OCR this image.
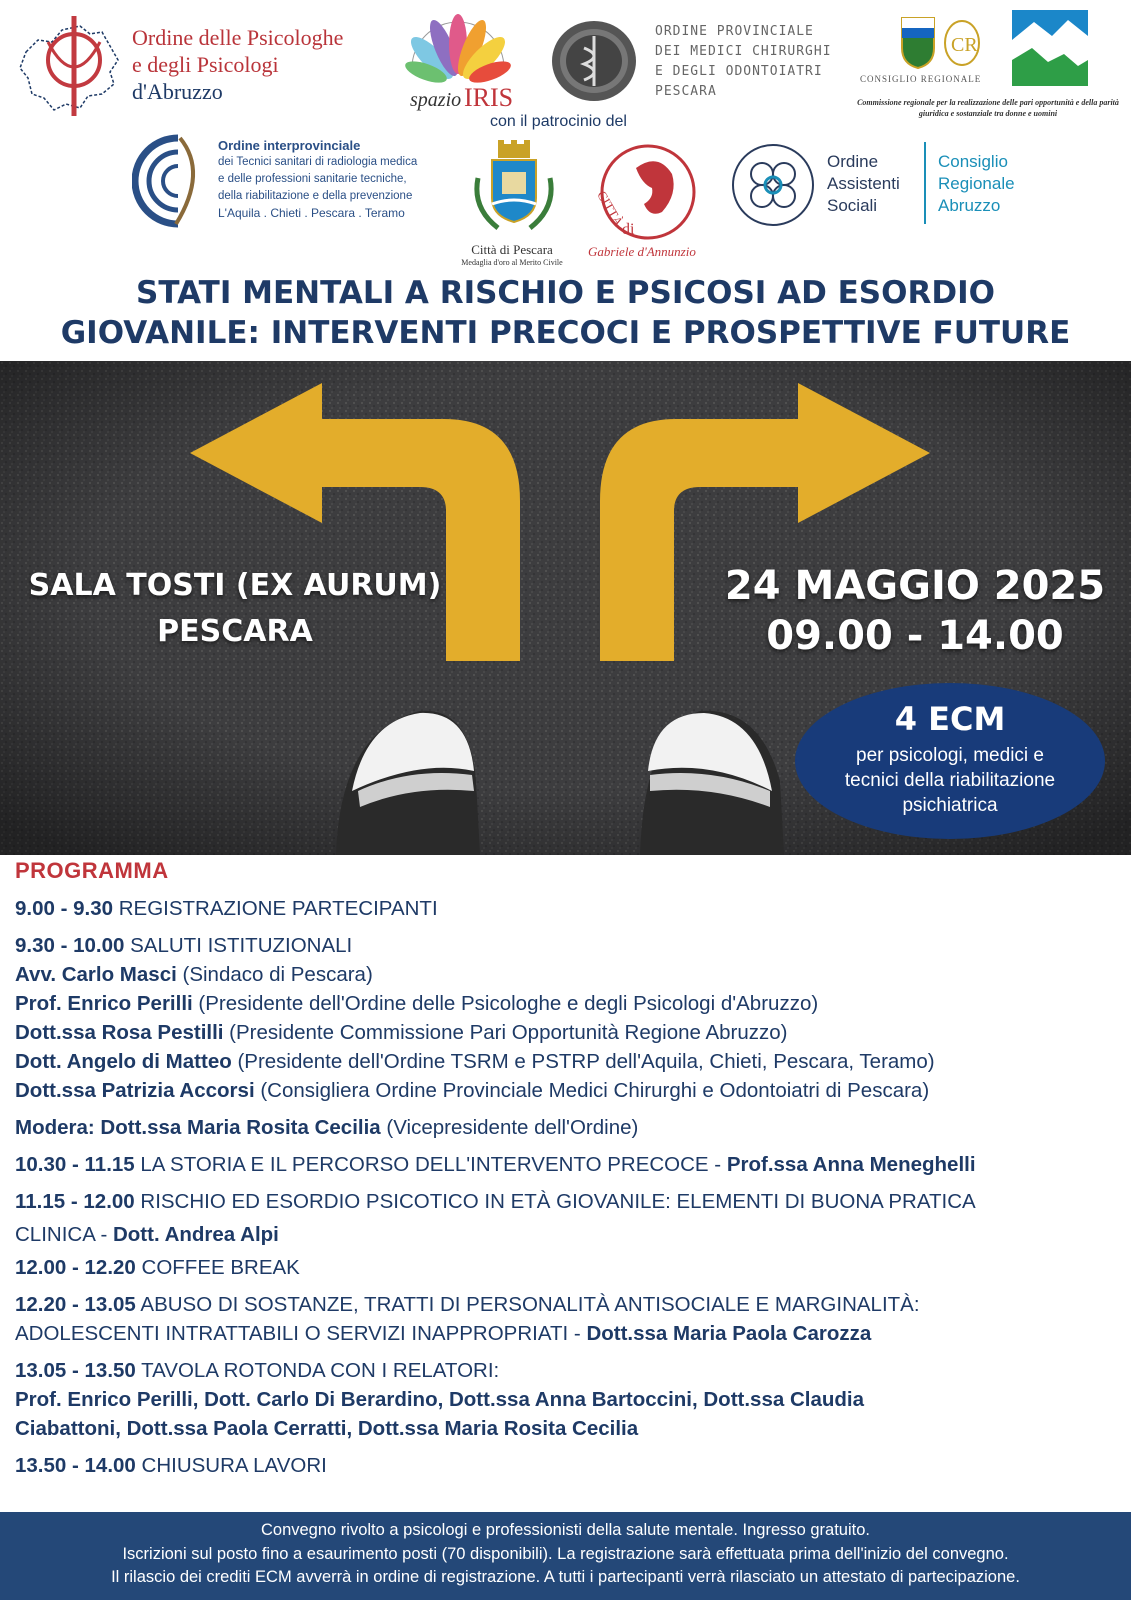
Ordine delle Psicologhe
e degli Psicologi
d'Abruzzo	spazio IRIS
ORDINE PROVINCIALE
DEI MEDICI CHIRURGHI
E DEGLI ODONTOIATRI
PESCARA
CR
CONSIGLIO REGIONALE
Commissione regionale per la realizzazione delle pari opportunità e della parità giuridica e sostanziale tra donne e uomini
con il patrocinio del
Ordine interprovinciale
dei Tecnici sanitari di radiologia medica
e delle professioni sanitarie tecniche,
della riabilitazione e della prevenzione
L'Aquila . Chieti . Pescara . Teramo
Città di Pescara
Medaglia d'oro al Merito Civile
CITTÀ
di
Gabriele d'Annunzio
Ordine
Assistenti
Sociali
Consiglio
Regionale
Abruzzo
STATI MENTALI A RISCHIO E PSICOSI AD ESORDIO
GIOVANILE: INTERVENTI PRECOCI E PROSPETTIVE FUTURE
SALA TOSTI (EX AURUM)
PESCARA
24 MAGGIO 2025
09.00 - 14.00
4 ECM
per psicologi, medici e
tecnici della riabilitazione
psichiatrica
PROGRAMMA
9.00 - 9.30 REGISTRAZIONE PARTECIPANTI
9.30 - 10.00 SALUTI ISTITUZIONALI
Avv. Carlo Masci (Sindaco di Pescara)
Prof. Enrico Perilli (Presidente dell'Ordine delle Psicologhe e degli Psicologi d'Abruzzo)
Dott.ssa Rosa Pestilli (Presidente Commissione Pari Opportunità Regione Abruzzo)
Dott. Angelo di Matteo (Presidente dell'Ordine TSRM e PSTRP dell'Aquila, Chieti, Pescara, Teramo)
Dott.ssa Patrizia Accorsi (Consigliera Ordine Provinciale Medici Chirurghi e Odontoiatri di Pescara)
Modera: Dott.ssa Maria Rosita Cecilia (Vicepresidente dell'Ordine)
10.30 - 11.15 LA STORIA E IL PERCORSO DELL'INTERVENTO PRECOCE - Prof.ssa Anna Meneghelli
11.15 - 12.00 RISCHIO ED ESORDIO PSICOTICO IN ETÀ GIOVANILE: ELEMENTI DI BUONA PRATICA
CLINICA - Dott. Andrea Alpi
12.00 - 12.20 COFFEE BREAK
12.20 - 13.05 ABUSO DI SOSTANZE, TRATTI DI PERSONALITÀ ANTISOCIALE E MARGINALITÀ:
ADOLESCENTI INTRATTABILI O SERVIZI INAPPROPRIATI - Dott.ssa Maria Paola Carozza
13.05 - 13.50 TAVOLA ROTONDA CON I RELATORI:
Prof. Enrico Perilli, Dott. Carlo Di Berardino, Dott.ssa Anna Bartoccini, Dott.ssa Claudia
Ciabattoni, Dott.ssa Paola Cerratti, Dott.ssa Maria Rosita Cecilia
13.50 - 14.00 CHIUSURA LAVORI
Convegno rivolto a psicologi e professionisti della salute mentale. Ingresso gratuito.
Iscrizioni sul posto fino a esaurimento posti (70 disponibili). La registrazione sarà effettuata prima dell'inizio del convegno.
Il rilascio dei crediti ECM avverrà in ordine di registrazione. A tutti i partecipanti verrà rilasciato un attestato di partecipazione.
